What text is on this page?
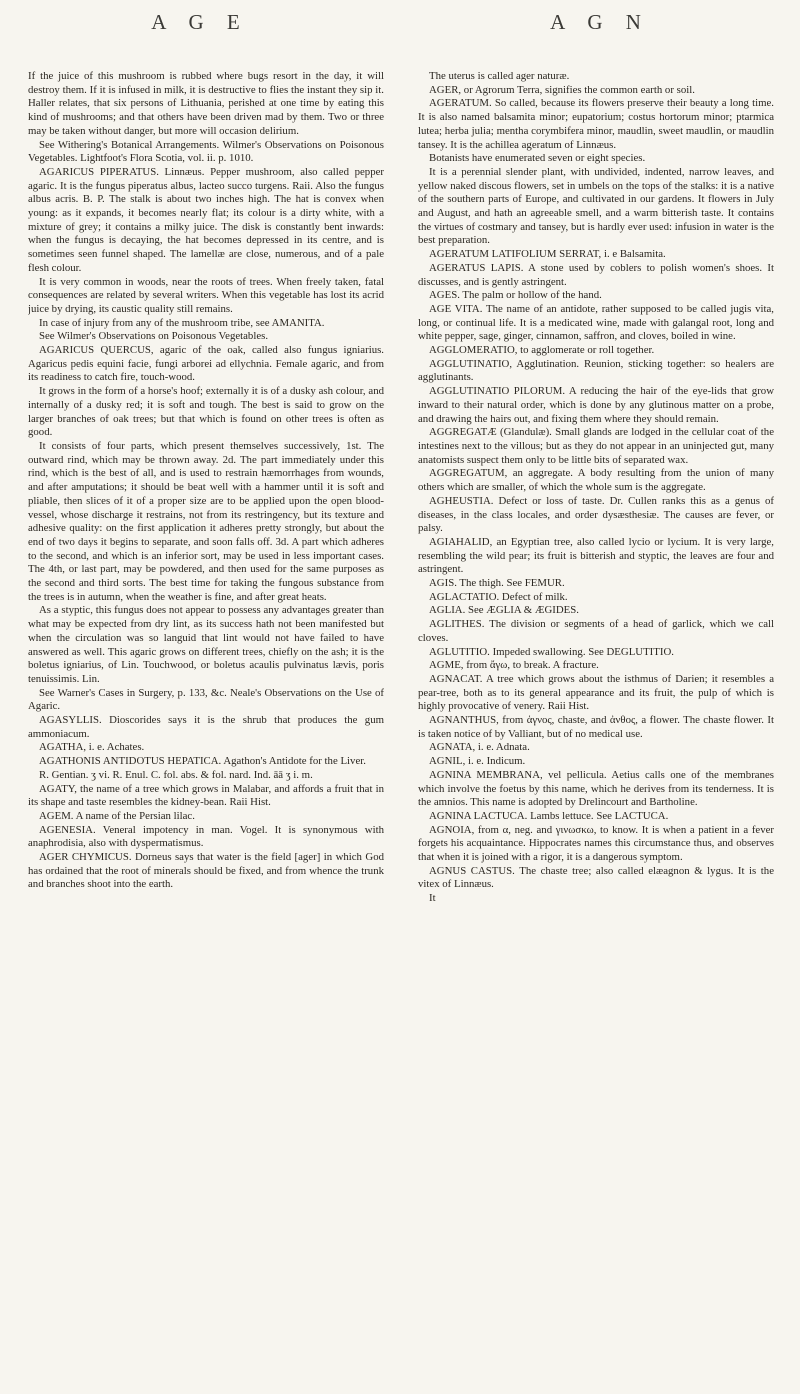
A G E	A G N

If the juice of this mushroom is rubbed where bugs resort in the day, it will destroy them. If it is infused in milk, it is destructive to flies the instant they sip it. Haller relates, that six persons of Lithuania, perished at one time by eating this kind of mushrooms; and that others have been driven mad by them. Two or three may be taken without danger, but more will occasion delirium.

See Withering's Botanical Arrangements. Wilmer's Observations on Poisonous Vegetables. Lightfoot's Flora Scotia, vol. ii. p. 1010.

AGARICUS PIPERATUS. Linnæus. Pepper mushroom, also called pepper agaric. It is the fungus piperatus albus, lacteo succo turgens. Raii. Also the fungus albus acris. B. P. The stalk is about two inches high. The hat is convex when young: as it expands, it becomes nearly flat; its colour is a dirty white, with a mixture of grey; it contains a milky juice. The disk is constantly bent inwards: when the fungus is decaying, the hat becomes depressed in its centre, and is sometimes seen funnel shaped. The lamellæ are close, numerous, and of a pale flesh colour.

It is very common in woods, near the roots of trees. When freely taken, fatal consequences are related by several writers. When this vegetable has lost its acrid juice by drying, its caustic quality still remains.

In case of injury from any of the mushroom tribe, see AMANITA.

See Wilmer's Observations on Poisonous Vegetables.

AGARICUS QUERCUS, agaric of the oak, called also fungus igniarius. Agaricus pedis equini facie, fungi arborei ad ellychnia. Female agaric, and from its readiness to catch fire, touch-wood.

It grows in the form of a horse's hoof; externally it is of a dusky ash colour, and internally of a dusky red; it is soft and tough. The best is said to grow on the larger branches of oak trees; but that which is found on other trees is often as good.

It consists of four parts, which present themselves successively, 1st. The outward rind, which may be thrown away. 2d. The part immediately under this rind, which is the best of all, and is used to restrain hæmorrhages from wounds, and after amputations; it should be beat well with a hammer until it is soft and pliable, then slices of it of a proper size are to be applied upon the open blood-vessel, whose discharge it restrains, not from its restringency, but its texture and adhesive quality: on the first application it adheres pretty strongly, but about the end of two days it begins to separate, and soon falls off. 3d. A part which adheres to the second, and which is an inferior sort, may be used in less important cases. The 4th, or last part, may be powdered, and then used for the same purposes as the second and third sorts. The best time for taking the fungous substance from the trees is in autumn, when the weather is fine, and after great heats.

As a styptic, this fungus does not appear to possess any advantages greater than what may be expected from dry lint, as its success hath not been manifested but when the circulation was so languid that lint would not have failed to have answered as well. This agaric grows on different trees, chiefly on the ash; it is the boletus igniarius, of Lin. Touchwood, or boletus acaulis pulvinatus lævis, poris tenuissimis. Lin.

See Warner's Cases in Surgery, p. 133, &c. Neale's Observations on the Use of Agaric.

AGASYLLIS. Dioscorides says it is the shrub that produces the gum ammoniacum.

AGATHA, i. e. Achates.

AGATHONIS ANTIDOTUS HEPATICA. Agathon's Antidote for the Liver.

R. Gentian. ʒ vi. R. Enul. C. fol. abs. & fol. nard. Ind. āā ʒ i. m.

AGATY, the name of a tree which grows in Malabar, and affords a fruit that in its shape and taste resembles the kidney-bean. Raii Hist.

AGEM. A name of the Persian lilac.

AGENESIA. Veneral impotency in man. Vogel. It is synonymous with anaphrodisia, also with dyspermatismus.

AGER CHYMICUS. Dorneus says that water is the field [ager] in which God has ordained that the root of minerals should be fixed, and from whence the trunk and branches shoot into the earth.

The uterus is called ager naturæ.

AGER, or Agrorum Terra, signifies the common earth or soil.

AGERATUM. So called, because its flowers preserve their beauty a long time. It is also named balsamita minor; eupatorium; costus hortorum minor; ptarmica lutea; herba julia; mentha corymbifera minor, maudlin, sweet maudlin, or maudlin tansey. It is the achillea ageratum of Linnæus.

Botanists have enumerated seven or eight species.

It is a perennial slender plant, with undivided, indented, narrow leaves, and yellow naked discous flowers, set in umbels on the tops of the stalks: it is a native of the southern parts of Europe, and cultivated in our gardens. It flowers in July and August, and hath an agreeable smell, and a warm bitterish taste. It contains the virtues of costmary and tansey, but is hardly ever used: infusion in water is the best preparation.

AGERATUM LATIFOLIUM SERRAT, i. e Balsamita.

AGERATUS LAPIS. A stone used by coblers to polish women's shoes. It discusses, and is gently astringent.

AGES. The palm or hollow of the hand.

AGE VITA. The name of an antidote, rather supposed to be called jugis vita, long, or continual life. It is a medicated wine, made with galangal root, long and white pepper, sage, ginger, cinnamon, saffron, and cloves, boiled in wine.

AGGLOMERATIO, to agglomerate or roll together.

AGGLUTINATIO, Agglutination. Reunion, sticking together: so healers are agglutinants.

AGGLUTINATIO PILORUM. A reducing the hair of the eye-lids that grow inward to their natural order, which is done by any glutinous matter on a probe, and drawing the hairs out, and fixing them where they should remain.

AGGREGATÆ (Glandulæ). Small glands are lodged in the cellular coat of the intestines next to the villous; but as they do not appear in an uninjected gut, many anatomists suspect them only to be little bits of separated wax.

AGGREGATUM, an aggregate. A body resulting from the union of many others which are smaller, of which the whole sum is the aggregate.

AGHEUSTIA. Defect or loss of taste. Dr. Cullen ranks this as a genus of diseases, in the class locales, and order dysæsthesiæ. The causes are fever, or palsy.

AGIAHALID, an Egyptian tree, also called lycio or lycium. It is very large, resembling the wild pear; its fruit is bitterish and styptic, the leaves are four and astringent.

AGIS. The thigh. See FEMUR.

AGLACTATIO. Defect of milk.

AGLIA. See ÆGLIA & ÆGIDES.

AGLITHES. The division or segments of a head of garlick, which we call cloves.

AGLUTITIO. Impeded swallowing. See DEGLUTITIO.

AGME, from ἄγω, to break. A fracture.

AGNACAT. A tree which grows about the isthmus of Darien; it resembles a pear-tree, both as to its general appearance and its fruit, the pulp of which is highly provocative of venery. Raii Hist.

AGNANTHUS, from ἁγνος, chaste, and ἀνθος, a flower. The chaste flower. It is taken notice of by Valliant, but of no medical use.

AGNATA, i. e. Adnata.

AGNIL, i. e. Indicum.

AGNINA MEMBRANA, vel pellicula. Aetius calls one of the membranes which involve the foetus by this name, which he derives from its tenderness. It is the amnios. This name is adopted by Drelincourt and Bartholine.

AGNINA LACTUCA. Lambs lettuce. See LACTUCA.

AGNOIA, from α, neg. and γινωσκω, to know. It is when a patient in a fever forgets his acquaintance. Hippocrates names this circumstance thus, and observes that when it is joined with a rigor, it is a dangerous symptom.

AGNUS CASTUS. The chaste tree; also called elæagnon & lygus. It is the vitex of Linnæus.

It
